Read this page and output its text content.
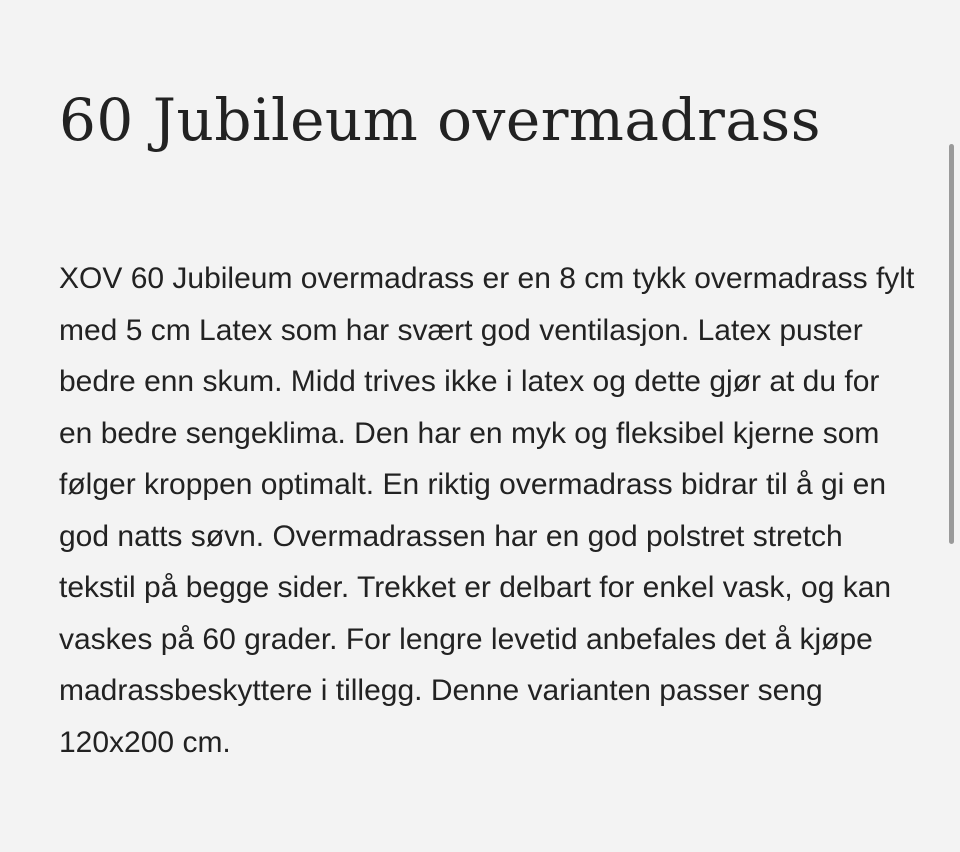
60 Jubileum overmadrass

XOV 60 Jubileum overmadrass er en 8 cm tykk overmadrass fylt med 5 cm Latex som har svært god ventilasjon. Latex puster bedre enn skum. Midd trives ikke i latex og dette gjør at du for en bedre sengeklima. Den har en myk og fleksibel kjerne som følger kroppen optimalt. En riktig overmadrass bidrar til å gi en god natts søvn. Overmadrassen har en god polstret stretch tekstil på begge sider. Trekket er delbart for enkel vask, og kan vaskes på 60 grader. For lengre levetid anbefales det å kjøpe madrassbeskyttere i tillegg. Denne varianten passer seng 120x200 cm.
